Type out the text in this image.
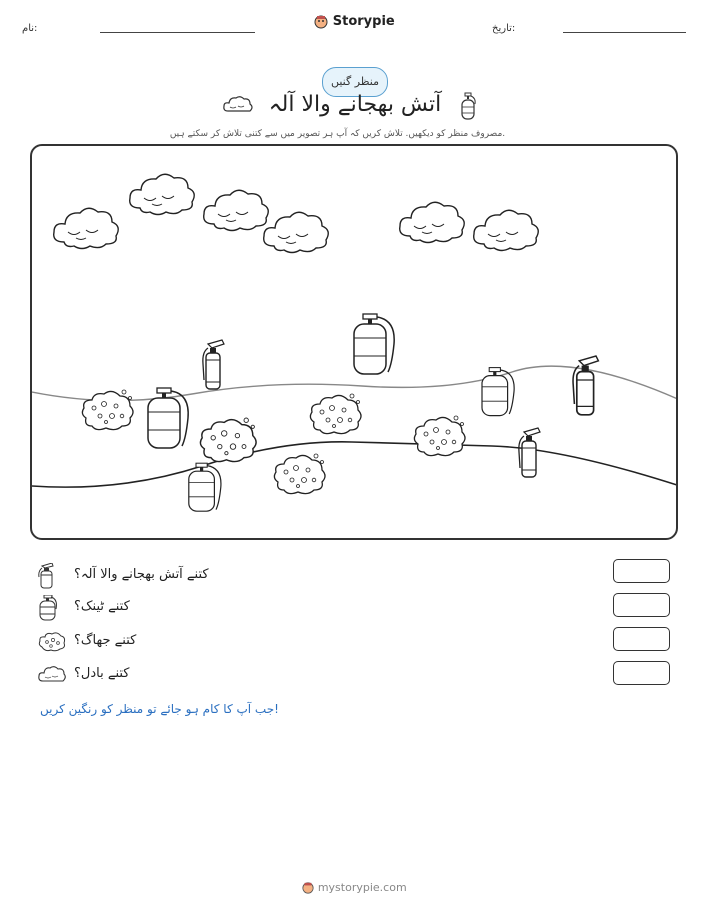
نام:	تاریخ:
Storypie
منظر گنیں
آتش بھجانے والا آلہ
مصروف منظر کو دیکھیں. تلاش کریں کہ آپ ہر تصویر میں سے کتنی تلاش کر سکتے ہیں.
کتنے آتش بھجانے والا آلہ؟
کتنے ٹینک؟
کتنے جھاگ؟
کتنے بادل؟
جب آپ کا کام ہو جائے تو منظر کو رنگین کریں!
mystorypie.com
